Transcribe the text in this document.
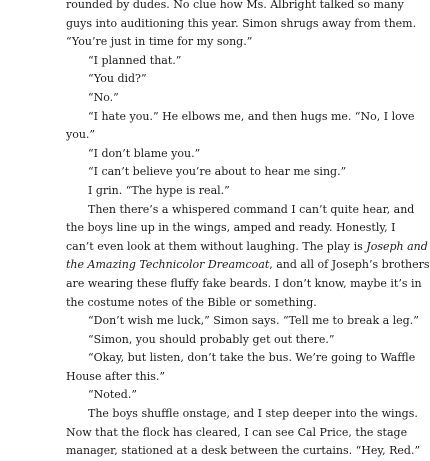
rounded by dudes. No clue how Ms. Albright talked so many
guys into auditioning this year. Simon shrugs away from them.
“You’re just in time for my song.”
“I planned that.”
“You did?”
“No.”
“I hate you.” He elbows me, and then hugs me. “No, I love
you.”
“I don’t blame you.”
“I can’t believe you’re about to hear me sing.”
I grin. “The hype is real.”
Then there’s a whispered command I can’t quite hear, and
the boys line up in the wings, amped and ready. Honestly, I
can’t even look at them without laughing. The play is Joseph and
the Amazing Technicolor Dreamcoat, and all of Joseph’s brothers
are wearing these fluffy fake beards. I don’t know, maybe it’s in
the costume notes of the Bible or something.
“Don’t wish me luck,” Simon says. “Tell me to break a leg.”
“Simon, you should probably get out there.”
“Okay, but listen, don’t take the bus. We’re going to Waffle
House after this.”
“Noted.”
The boys shuffle onstage, and I step deeper into the wings.
Now that the flock has cleared, I can see Cal Price, the stage
manager, stationed at a desk between the curtains. “Hey, Red.”
